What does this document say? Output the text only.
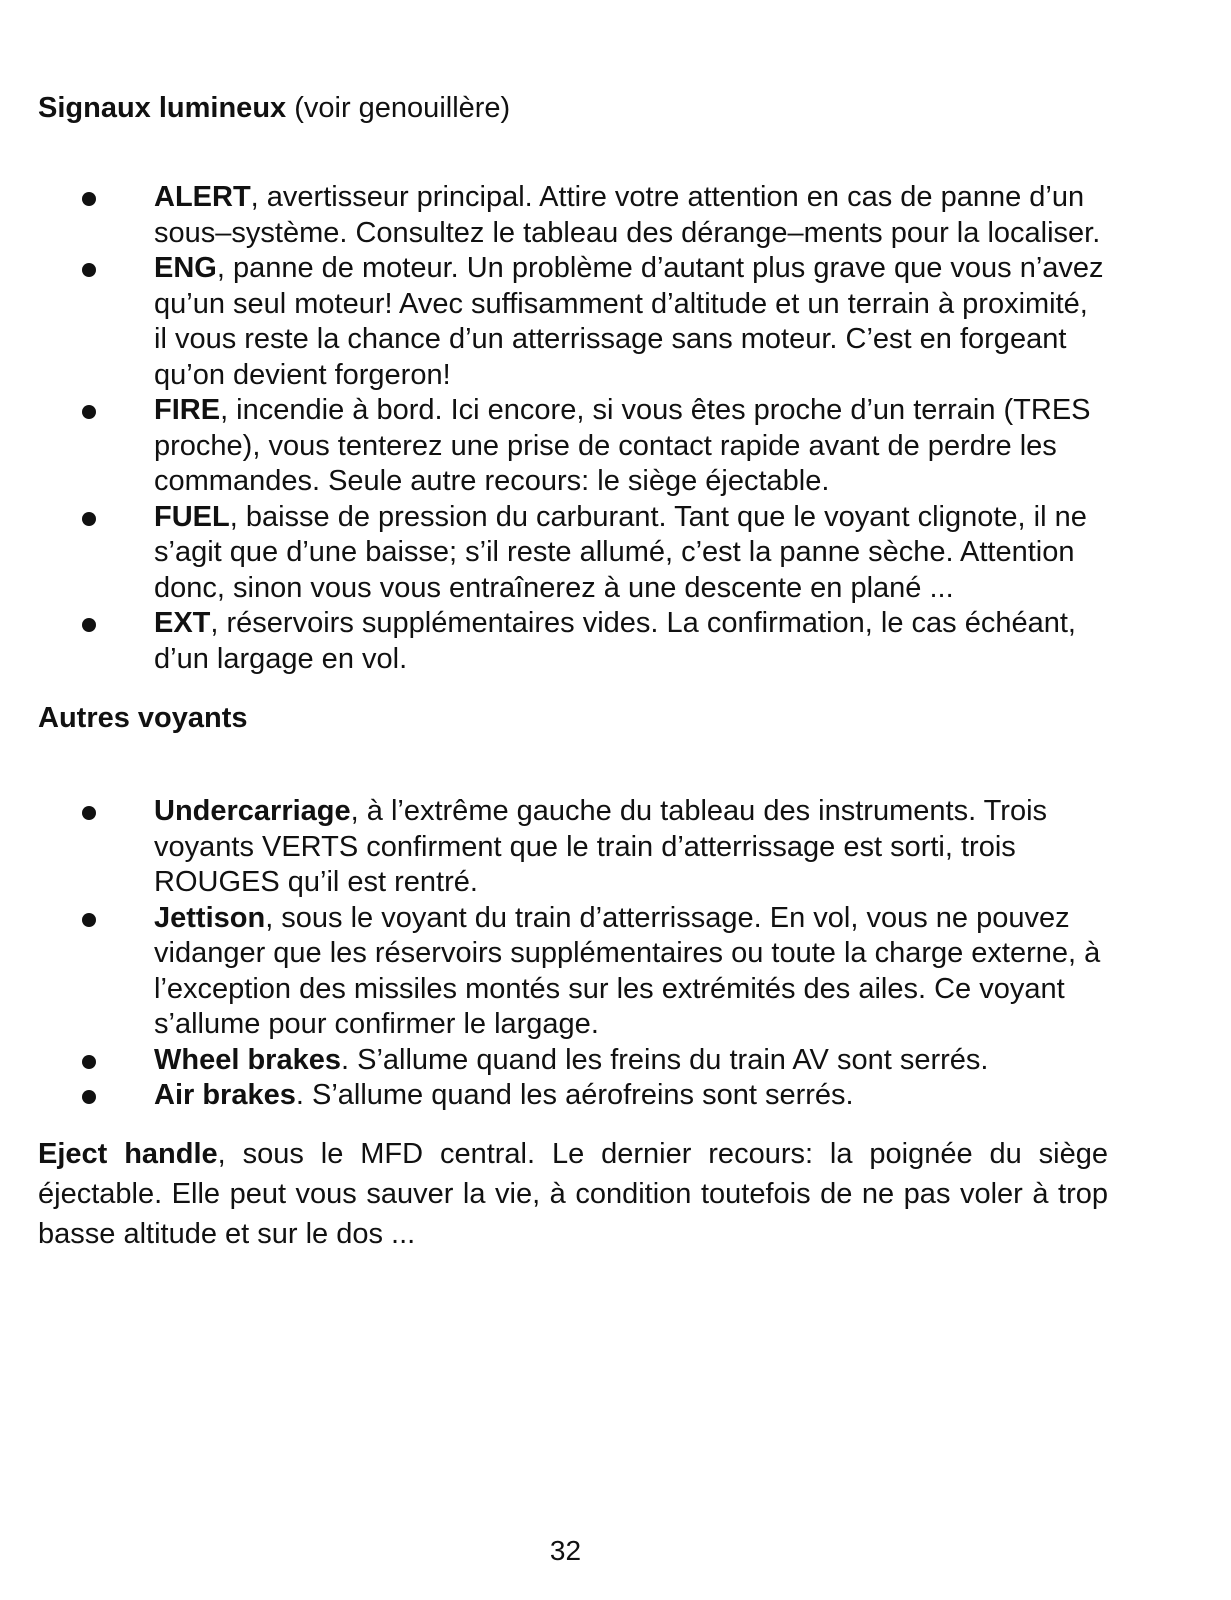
Signaux lumineux (voir genouillère)

ALERT, avertisseur principal. Attire votre attention en cas de panne d’un sous–système. Consultez le tableau des dérange–ments pour la localiser.
ENG, panne de moteur. Un problème d’autant plus grave que vous n’avez qu’un seul moteur! Avec suffisamment d’altitude et un terrain à proximité, il vous reste la chance d’un atterrissage sans moteur. C’est en forgeant qu’on devient forgeron!
FIRE, incendie à bord. Ici encore, si vous êtes proche d’un terrain (TRES proche), vous tenterez une prise de contact rapide avant de perdre les commandes. Seule autre recours: le siège éjectable.
FUEL, baisse de pression du carburant. Tant que le voyant clignote, il ne s’agit que d’une baisse; s’il reste allumé, c’est la panne sèche. Attention donc, sinon vous vous entraînerez à une descente en plané ...
EXT, réservoirs supplémentaires vides. La confirmation, le cas échéant, d’un largage en vol.

Autres voyants

Undercarriage, à l’extrême gauche du tableau des instruments. Trois voyants VERTS confirment que le train d’atterrissage est sorti, trois ROUGES qu’il est rentré.
Jettison, sous le voyant du train d’atterrissage. En vol, vous ne pouvez vidanger que les réservoirs supplémentaires ou toute la charge externe, à l’exception des missiles montés sur les extrémités des ailes. Ce voyant s’allume pour confirmer le largage.
Wheel brakes. S’allume quand les freins du train AV sont serrés.
Air brakes. S’allume quand les aérofreins sont serrés.

Eject handle, sous le MFD central. Le dernier recours: la poignée du siège éjectable. Elle peut vous sauver la vie, à condition toutefois de ne pas voler à trop basse altitude et sur le dos ...

32
